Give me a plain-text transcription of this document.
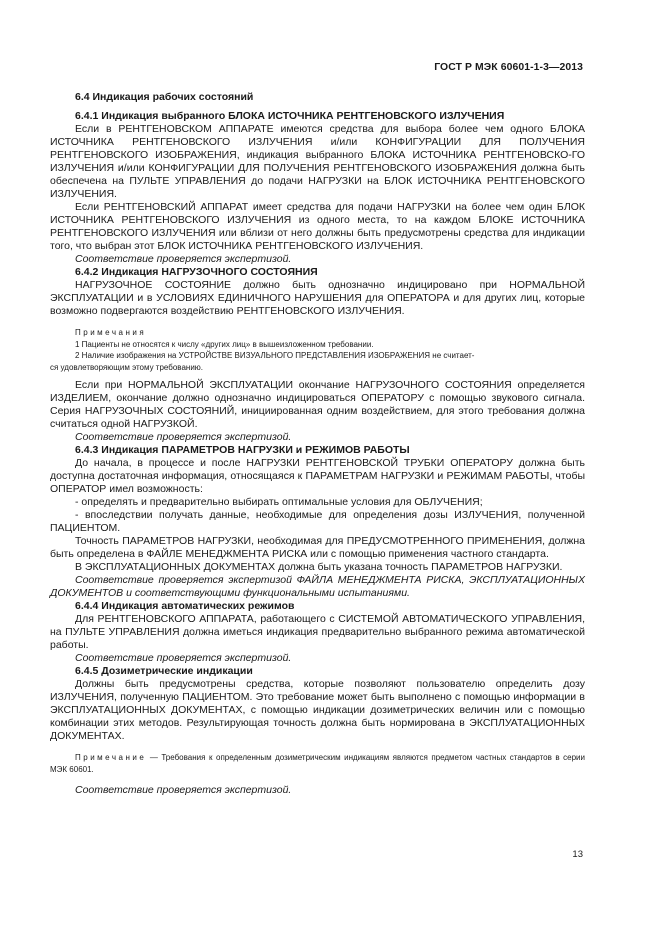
ГОСТ Р МЭК 60601-1-3—2013
6.4 Индикация рабочих состояний
6.4.1 Индикация выбранного БЛОКА ИСТОЧНИКА РЕНТГЕНОВСКОГО ИЗЛУЧЕНИЯ

Если в РЕНТГЕНОВСКОМ АППАРАТЕ имеются средства для выбора более чем одного БЛОКА ИСТОЧНИКА РЕНТГЕНОВСКОГО ИЗЛУЧЕНИЯ и/или КОНФИГУРАЦИИ ДЛЯ ПОЛУЧЕНИЯ РЕНТГЕНОВСКОГО ИЗОБРАЖЕНИЯ, индикация выбранного БЛОКА ИСТОЧНИКА РЕНТГЕНОВСКО-ГО ИЗЛУЧЕНИЯ и/или КОНФИГУРАЦИИ ДЛЯ ПОЛУЧЕНИЯ РЕНТГЕНОВСКОГО ИЗОБРАЖЕНИЯ должна быть обеспечена на ПУЛЬТЕ УПРАВЛЕНИЯ до подачи НАГРУЗКИ на БЛОК ИСТОЧНИКА РЕНТГЕНОВСКОГО ИЗЛУЧЕНИЯ.

Если РЕНТГЕНОВСКИЙ АППАРАТ имеет средства для подачи НАГРУЗКИ на более чем один БЛОК ИСТОЧНИКА РЕНТГЕНОВСКОГО ИЗЛУЧЕНИЯ из одного места, то на каждом БЛОКЕ ИСТОЧНИКА РЕНТГЕНОВСКОГО ИЗЛУЧЕНИЯ или вблизи от него должны быть предусмотрены средства для индикации того, что выбран этот БЛОК ИСТОЧНИКА РЕНТГЕНОВСКОГО ИЗЛУЧЕНИЯ.

Соответствие проверяется экспертизой.

6.4.2 Индикация НАГРУЗОЧНОГО СОСТОЯНИЯ

НАГРУЗОЧНОЕ СОСТОЯНИЕ должно быть однозначно индицировано при НОРМАЛЬНОЙ ЭКСПЛУАТАЦИИ и в УСЛОВИЯХ ЕДИНИЧНОГО НАРУШЕНИЯ для ОПЕРАТОРА и для других лиц, которые возможно подвергаются воздействию РЕНТГЕНОВСКОГО ИЗЛУЧЕНИЯ.

Примечания

1 Пациенты не относятся к числу «других лиц» в вышеизложенном требовании.

2 Наличие изображения на УСТРОЙСТВЕ ВИЗУАЛЬНОГО ПРЕДСТАВЛЕНИЯ ИЗОБРАЖЕНИЯ не считает-

ся удовлетворяющим этому требованию.

Если при НОРМАЛЬНОЙ ЭКСПЛУАТАЦИИ окончание НАГРУЗОЧНОГО СОСТОЯНИЯ определяется ИЗДЕЛИЕМ, окончание должно однозначно индицироваться ОПЕРАТОРУ с помощью звукового сигнала. Серия НАГРУЗОЧНЫХ СОСТОЯНИЙ, инициированная одним воздействием, для этого требования должна считаться одной НАГРУЗКОЙ.

Соответствие проверяется экспертизой.

6.4.3 Индикация ПАРАМЕТРОВ НАГРУЗКИ и РЕЖИМОВ РАБОТЫ

До начала, в процессе и после НАГРУЗКИ РЕНТГЕНОВСКОЙ ТРУБКИ ОПЕРАТОРУ должна быть доступна достаточная информация, относящаяся к ПАРАМЕТРАМ НАГРУЗКИ и РЕЖИМАМ РАБОТЫ, чтобы ОПЕРАТОР имел возможность:

- определять и предварительно выбирать оптимальные условия для ОБЛУЧЕНИЯ;

- впоследствии получать данные, необходимые для определения дозы ИЗЛУЧЕНИЯ, полученной ПАЦИЕНТОМ.

Точность ПАРАМЕТРОВ НАГРУЗКИ, необходимая для ПРЕДУСМОТРЕННОГО ПРИМЕНЕНИЯ, должна быть определена в ФАЙЛЕ МЕНЕДЖМЕНТА РИСКА или с помощью применения частного стандарта.

В ЭКСПЛУАТАЦИОННЫХ ДОКУМЕНТАХ должна быть указана точность ПАРАМЕТРОВ НАГРУЗКИ.

Соответствие проверяется экспертизой ФАЙЛА МЕНЕДЖМЕНТА РИСКА, ЭКСПЛУАТАЦИОННЫХ ДОКУМЕНТОВ и соответствующими функциональными испытаниями.

6.4.4 Индикация автоматических режимов

Для РЕНТГЕНОВСКОГО АППАРАТА, работающего с СИСТЕМОЙ АВТОМАТИЧЕСКОГО УПРАВЛЕНИЯ, на ПУЛЬТЕ УПРАВЛЕНИЯ должна иметься индикация предварительно выбранного режима автоматической работы.

Соответствие проверяется экспертизой.

6.4.5 Дозиметрические индикации

Должны быть предусмотрены средства, которые позволяют пользователю определить дозу ИЗЛУЧЕНИЯ, полученную ПАЦИЕНТОМ. Это требование может быть выполнено с помощью информации в ЭКСПЛУАТАЦИОННЫХ ДОКУМЕНТАХ, с помощью индикации дозиметрических величин или с помощью комбинации этих методов. Результирующая точность должна быть нормирована в ЭКСПЛУАТАЦИОННЫХ ДОКУМЕНТАХ.

Примечание — Требования к определенным дозиметрическим индикациям являются предметом частных стандартов в серии МЭК 60601.

Соответствие проверяется экспертизой.

13
